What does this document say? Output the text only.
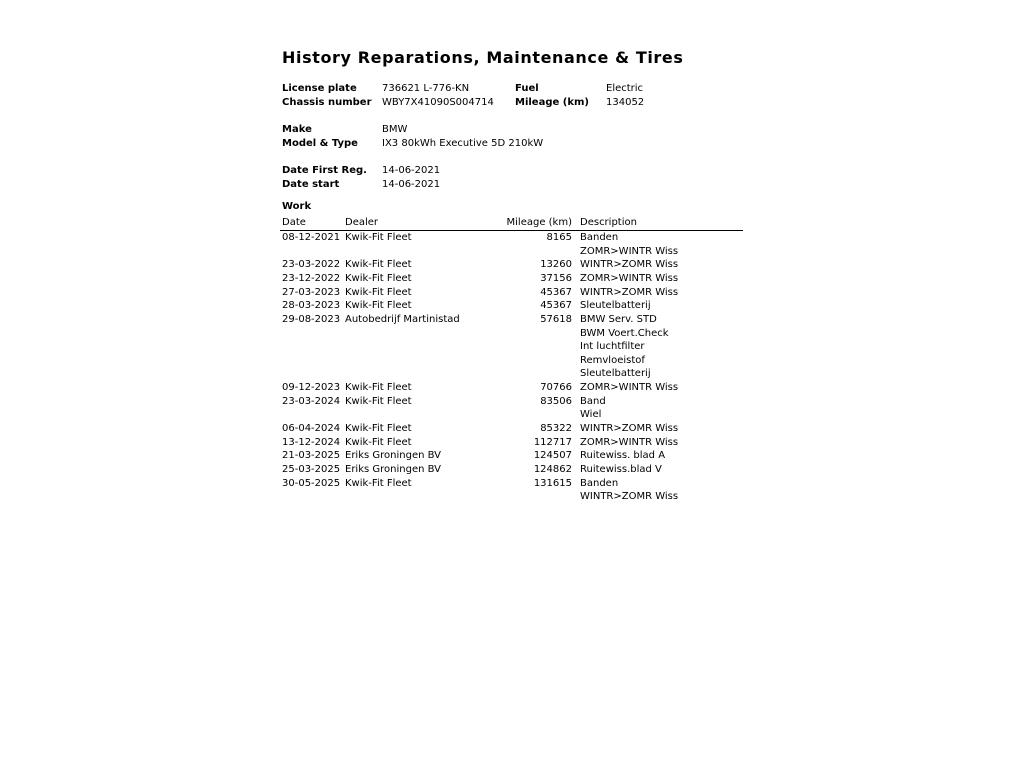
History Reparations, Maintenance & Tires
License plate	736621 L-776-KN	Fuel	Electric
Chassis number WBY7X41090S004714 Mileage (km) 134052
Make	BMW
Model & Type IX3 80kWh Executive 5D 210kW
Date First Reg. 14-06-2021
Date start	14-06-2021
Work
Date	Dealer	Mileage (km) Description
08-12-2021 Kwik-Fit Fleet	8165 Banden
ZOMR>WINTR Wiss
23-03-2022 Kwik-Fit Fleet	13260 WINTR>ZOMR Wiss
23-12-2022 Kwik-Fit Fleet	37156 ZOMR>WINTR Wiss
27-03-2023 Kwik-Fit Fleet	45367 WINTR>ZOMR Wiss
28-03-2023 Kwik-Fit Fleet	45367 Sleutelbatterij
29-08-2023 Autobedrijf Martinistad	57618 BMW Serv. STD
BWM Voert.Check
Int luchtfilter
Remvloeistof
Sleutelbatterij
09-12-2023 Kwik-Fit Fleet	70766 ZOMR>WINTR Wiss
23-03-2024 Kwik-Fit Fleet	83506 Band
Wiel
06-04-2024 Kwik-Fit Fleet	85322 WINTR>ZOMR Wiss
13-12-2024 Kwik-Fit Fleet	112717 ZOMR>WINTR Wiss
21-03-2025 Eriks Groningen BV	124507 Ruitewiss. blad A
25-03-2025 Eriks Groningen BV	124862 Ruitewiss.blad V
30-05-2025 Kwik-Fit Fleet	131615 Banden
WINTR>ZOMR Wiss
